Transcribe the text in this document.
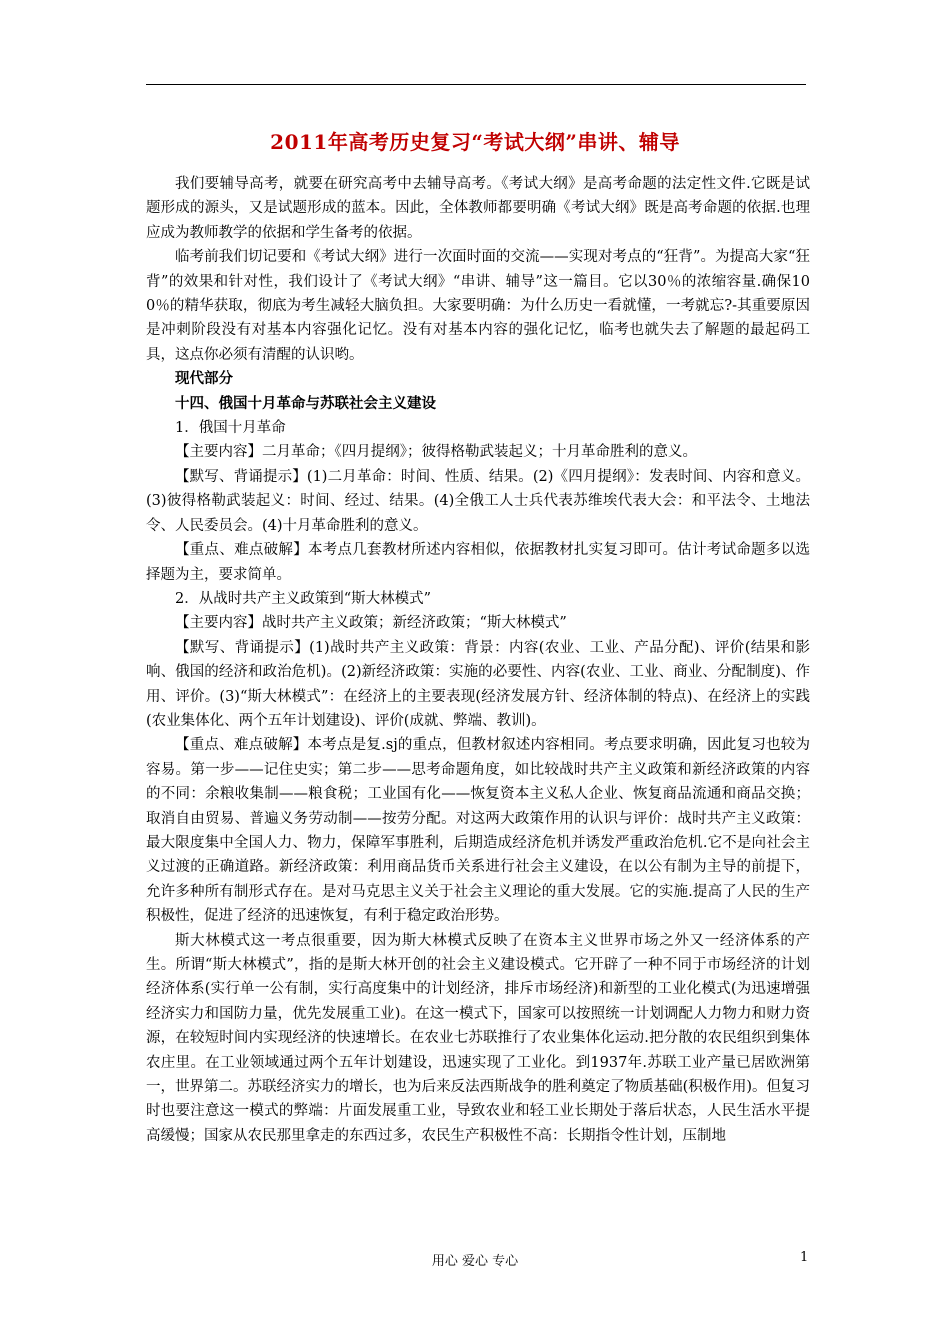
2011年高考历史复习“考试大纲”串讲、辅导

我们要辅导高考，就要在研究高考中去辅导高考。《考试大纲》是高考命题的法定性文件.它既是试题形成的源头，又是试题形成的蓝本。因此，全体教师都要明确《考试大纲》既是高考命题的依据.也理应成为教师教学的依据和学生备考的依据。

临考前我们切记要和《考试大纲》进行一次面时面的交流——实现对考点的“狂背”。为提高大家“狂背”的效果和针对性，我们设计了《考试大纲》“串讲、辅导”这一篇目。它以30％的浓缩容量.确保100％的精华获取，彻底为考生减轻大脑负担。大家要明确：为什么历史一看就懂，一考就忘?-其重要原因是冲刺阶段没有对基本内容强化记忆。没有对基本内容的强化记忆，临考也就失去了解题的最起码工具，这点你必须有清醒的认识哟。

现代部分

十四、俄国十月革命与苏联社会主义建设

1．俄国十月革命

【主要内容】二月革命；《四月提纲》；彼得格勒武装起义；十月革命胜利的意义。

【默写、背诵提示】(1)二月革命：时间、性质、结果。(2)《四月提纲》：发表时间、内容和意义。(3)彼得格勒武装起义：时间、经过、结果。(4)全俄工人士兵代表苏维埃代表大会：和平法令、土地法令、人民委员会。(4)十月革命胜利的意义。

【重点、难点破解】本考点几套教材所述内容相似，依据教材扎实复习即可。估计考试命题多以选择题为主，要求简单。

2．从战时共产主义政策到“斯大林模式”

【主要内容】战时共产主义政策；新经济政策；“斯大林模式”

【默写、背诵提示】(1)战时共产主义政策：背景：内容(农业、工业、产品分配)、评价(结果和影响、俄国的经济和政治危机)。(2)新经济政策：实施的必要性、内容(农业、工业、商业、分配制度)、作用、评价。(3)“斯大林模式”：在经济上的主要表现(经济发展方针、经济体制的特点)、在经济上的实践(农业集体化、两个五年计划建设)、评价(成就、弊端、教训)。

【重点、难点破解】本考点是复.sj的重点，但教材叙述内容相同。考点要求明确，因此复习也较为容易。第一步——记住史实；第二步——思考命题角度，如比较战时共产主义政策和新经济政策的内容的不同：余粮收集制——粮食税；工业国有化——恢复资本主义私人企业、恢复商品流通和商品交换；取消自由贸易、普遍义务劳动制——按劳分配。对这两大政策作用的认识与评价：战时共产主义政策：最大限度集中全国人力、物力，保障军事胜利，后期造成经济危机并诱发严重政治危机.它不是向社会主义过渡的正确道路。新经济政策：利用商品货币关系进行社会主义建设，在以公有制为主导的前提下，允许多种所有制形式存在。是对马克思主义关于社会主义理论的重大发展。它的实施.提高了人民的生产积极性，促进了经济的迅速恢复，有利于稳定政治形势。

斯大林模式这一考点很重要，因为斯大林模式反映了在资本主义世界市场之外又一经济体系的产生。所谓“斯大林模式”，指的是斯大林开创的社会主义建设模式。它开辟了一种不同于市场经济的计划经济体系(实行单一公有制，实行高度集中的计划经济，排斥市场经济)和新型的工业化模式(为迅速增强经济实力和国防力量，优先发展重工业)。在这一模式下，国家可以按照统一计划调配人力物力和财力资源，在较短时间内实现经济的快速增长。在农业七苏联推行了农业集体化运动.把分散的农民组织到集体农庄里。在工业领域通过两个五年计划建设，迅速实现了工业化。到1937年.苏联工业产量已居欧洲第一，世界第二。苏联经济实力的增长，也为后来反法西斯战争的胜利奠定了物质基础(积极作用)。但复习时也要注意这一模式的弊端：片面发展重工业，导致农业和轻工业长期处于落后状态，人民生活水平提高缓慢；国家从农民那里拿走的东西过多，农民生产积极性不高：长期指令性计划，压制地

用心 爱心 专心	1
